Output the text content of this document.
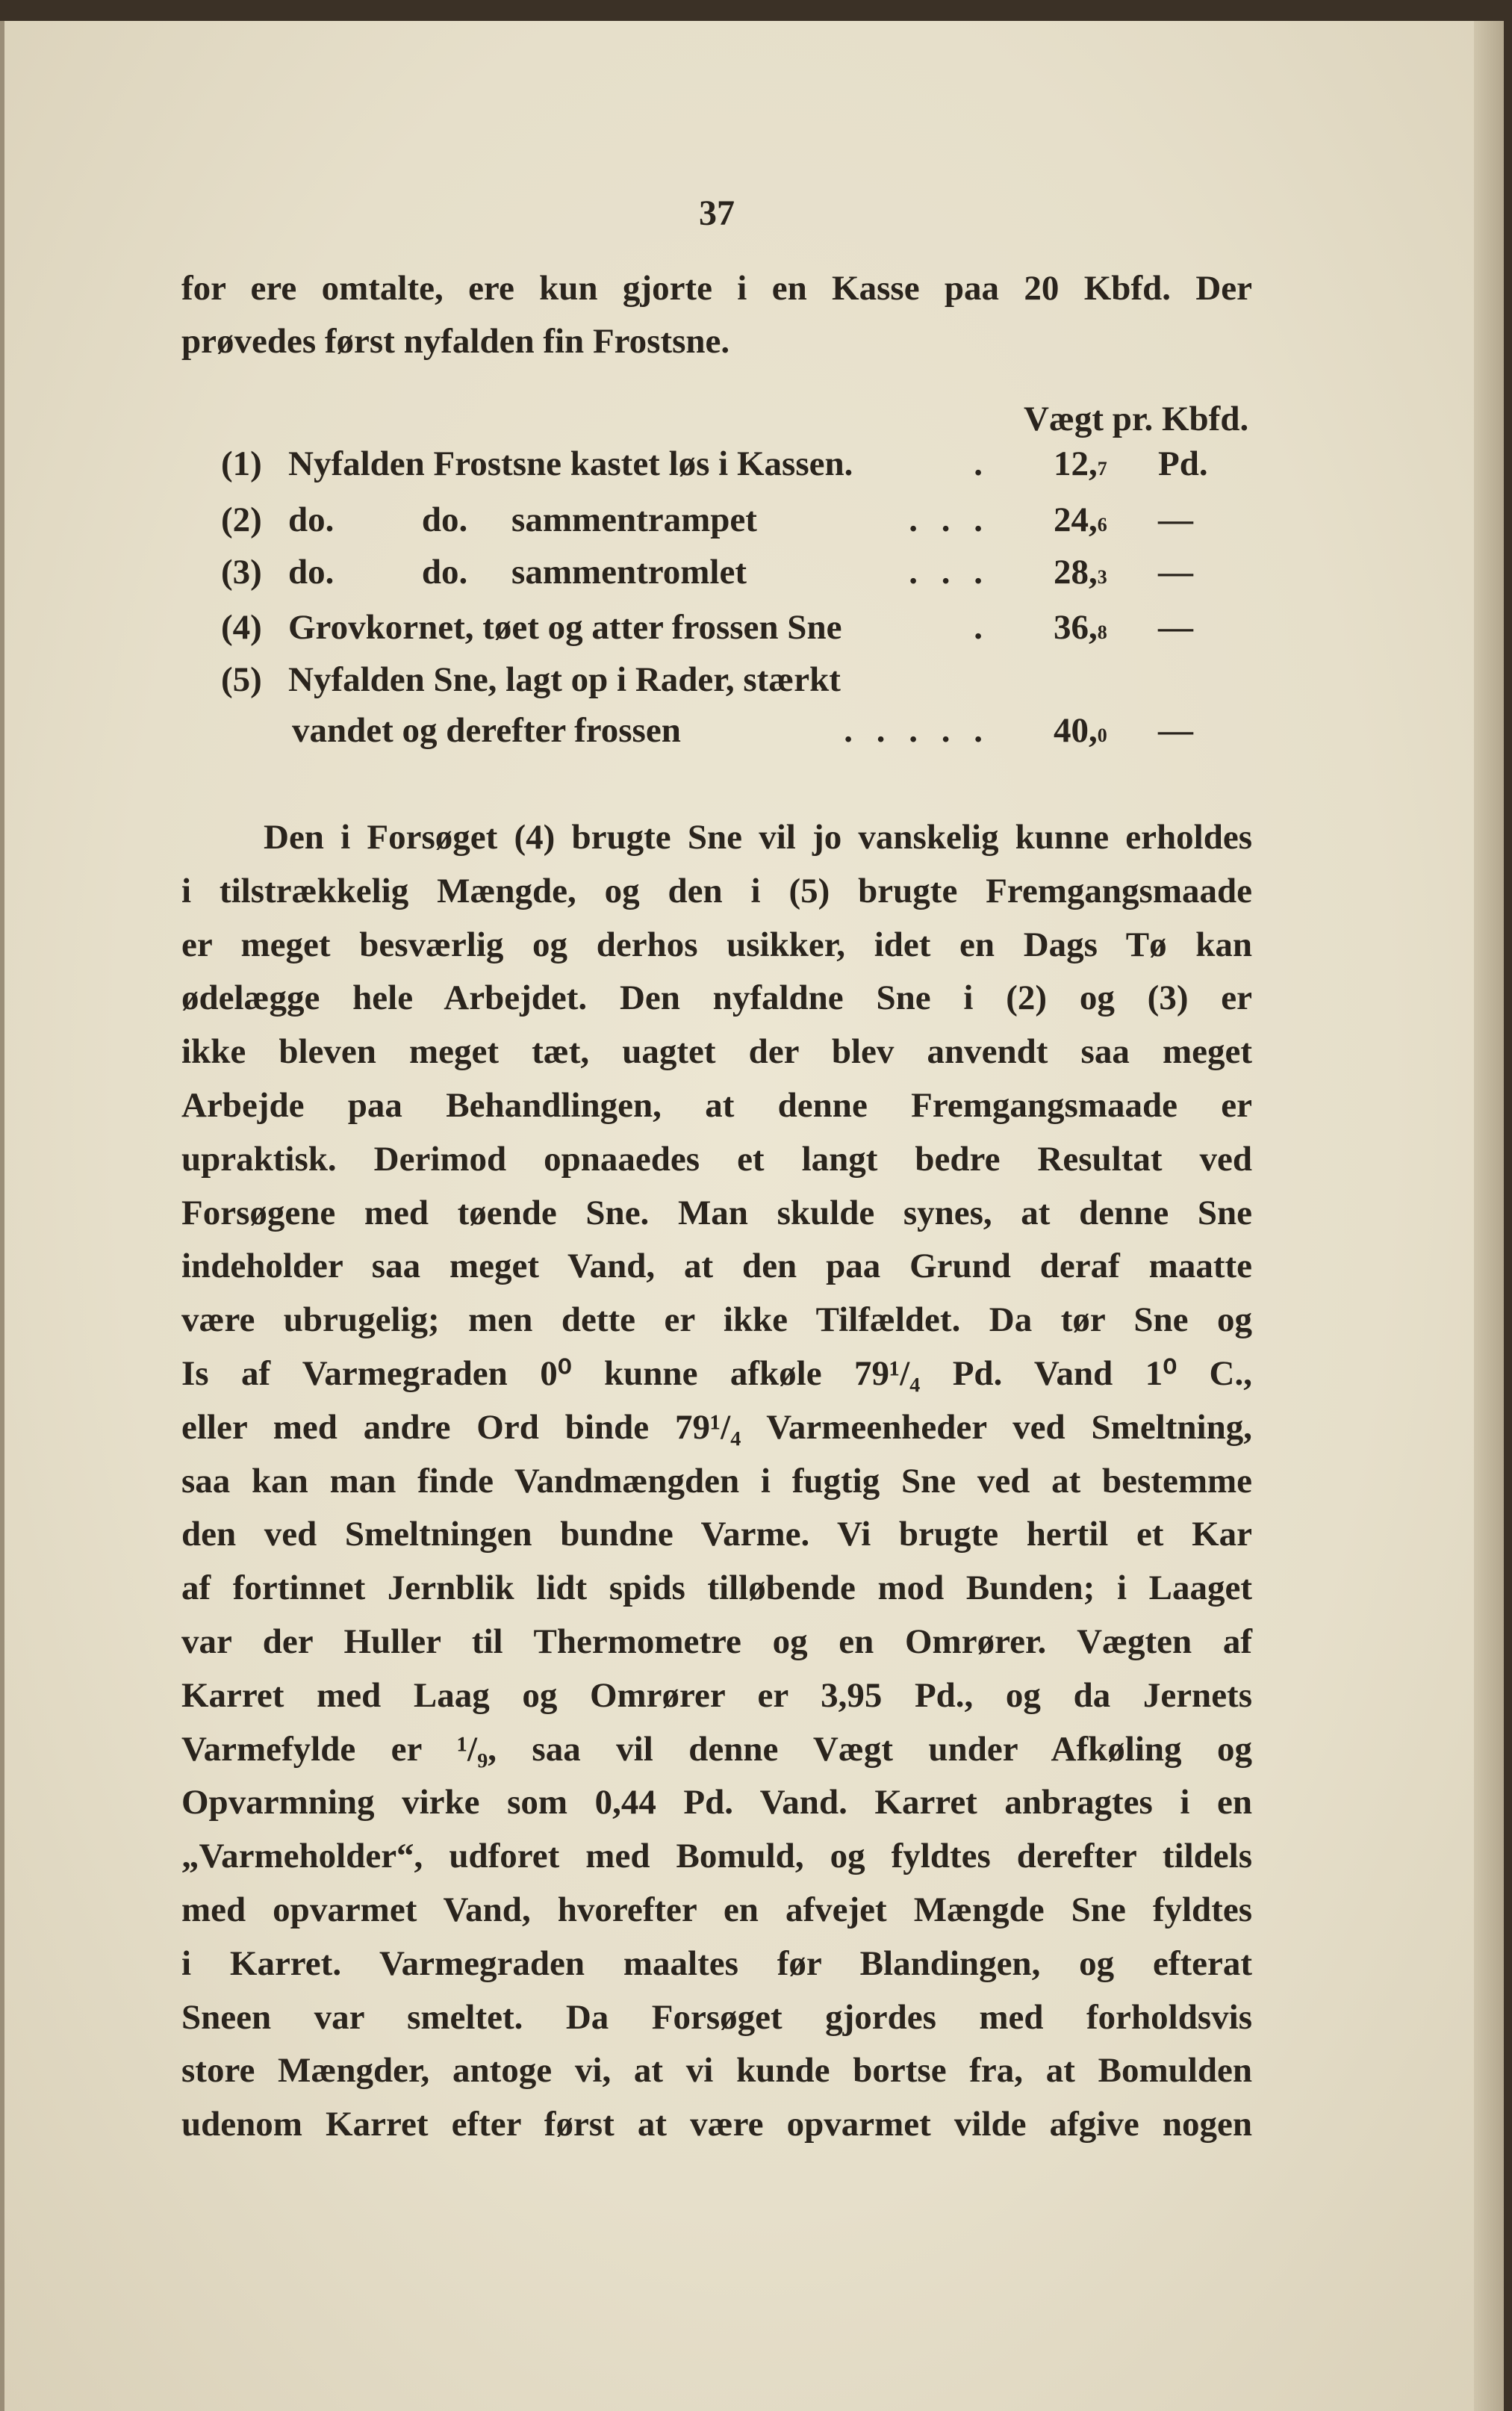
37
for ere omtalte, ere kun gjorte i en Kasse paa 20 Kbfd. Der
prøvedes først nyfalden fin Frostsne.
Vægt pr. Kbfd.
(1) Nyfalden Frostsne kastet løs i Kassen.	. 12,7 Pd.
(2) do.          do.     sammentrampet	. . . 24,6 —
(3) do.          do.     sammentromlet	. . . 28,3 —
(4) Grovkornet, tøet og atter frossen Sne	. 36,8 —
(5) Nyfalden Sne, lagt op i Rader, stærkt
vandet og derefter frossen	. . . . . 40,0 —
Den i Forsøget (4) brugte Sne vil jo vanskelig kunne erholdes
i tilstrækkelig Mængde, og den i (5) brugte Fremgangsmaade
er meget besværlig og derhos usikker, idet en Dags Tø kan
ødelægge hele Arbejdet. Den nyfaldne Sne i (2) og (3) er
ikke bleven meget tæt, uagtet der blev anvendt saa meget
Arbejde paa Behandlingen, at denne Fremgangsmaade er
upraktisk. Derimod opnaaedes et langt bedre Resultat ved
Forsøgene med tøende Sne. Man skulde synes, at denne Sne
indeholder saa meget Vand, at den paa Grund deraf maatte
være ubrugelig; men dette er ikke Tilfældet. Da tør Sne og
Is af Varmegraden 0⁰ kunne afkøle 79¹/₄ Pd. Vand 1⁰ C.,
eller med andre Ord binde 79¹/₄ Varmeenheder ved Smeltning,
saa kan man finde Vandmængden i fugtig Sne ved at bestemme
den ved Smeltningen bundne Varme. Vi brugte hertil et Kar
af fortinnet Jernblik lidt spids tilløbende mod Bunden; i Laaget
var der Huller til Thermometre og en Omrører. Vægten af
Karret med Laag og Omrører er 3,95 Pd., og da Jernets
Varmefylde er ¹/₉, saa vil denne Vægt under Afkøling og
Opvarmning virke som 0,44 Pd. Vand. Karret anbragtes i en
„Varmeholder“, udforet med Bomuld, og fyldtes derefter tildels
med opvarmet Vand, hvorefter en afvejet Mængde Sne fyldtes
i Karret. Varmegraden maaltes før Blandingen, og efterat
Sneen var smeltet. Da Forsøget gjordes med forholdsvis
store Mængder, antoge vi, at vi kunde bortse fra, at Bomulden
udenom Karret efter først at være opvarmet vilde afgive nogen
